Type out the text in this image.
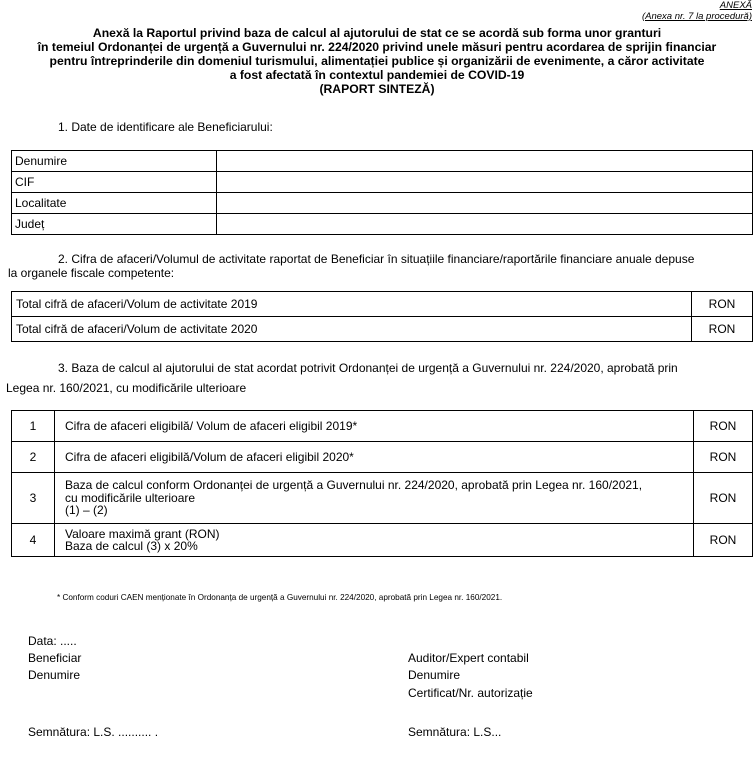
ANEXĂ
(Anexa nr. 7 la procedură)
Anexă la Raportul privind baza de calcul al ajutorului de stat ce se acordă sub forma unor granturi
în temeiul Ordonanței de urgență a Guvernului nr. 224/2020 privind unele măsuri pentru acordarea de sprijin financiar
pentru întreprinderile din domeniul turismului, alimentației publice și organizării de evenimente, a căror activitate
a fost afectată în contextul pandemiei de COVID-19
(RAPORT SINTEZĂ)
1. Date de identificare ale Beneficiarului:
Denumire	
CIF	
Localitate	
Județ	
2. Cifra de afaceri/Volumul de activitate raportat de Beneficiar în situațiile financiare/raportările financiare anuale depuse
la organele fiscale competente:
Total cifră de afaceri/Volum de activitate 2019	RON
Total cifră de afaceri/Volum de activitate 2020	RON
3. Baza de calcul al ajutorului de stat acordat potrivit Ordonanței de urgență a Guvernului nr. 224/2020, aprobată prin
Legea nr. 160/2021, cu modificările ulterioare
1	Cifra de afaceri eligibilă/ Volum de afaceri eligibil 2019*	RON
2	Cifra de afaceri eligibilă/Volum de afaceri eligibil 2020*	RON
3	Baza de calcul conform Ordonanței de urgență a Guvernului nr. 224/2020, aprobată prin Legea nr. 160/2021,
cu modificările ulterioare
(1) – (2)	RON
4	Valoare maximă grant (RON)
Baza de calcul (3) x 20%	RON
* Conform coduri CAEN menționate în Ordonanța de urgență a Guvernului nr. 224/2020, aprobată prin Legea nr. 160/2021.
Data: .....
Beneficiar
Denumire
Auditor/Expert contabil
Denumire
Certificat/Nr. autorizație
Semnătura: L.S. .......... .	Semnătura: L.S...
